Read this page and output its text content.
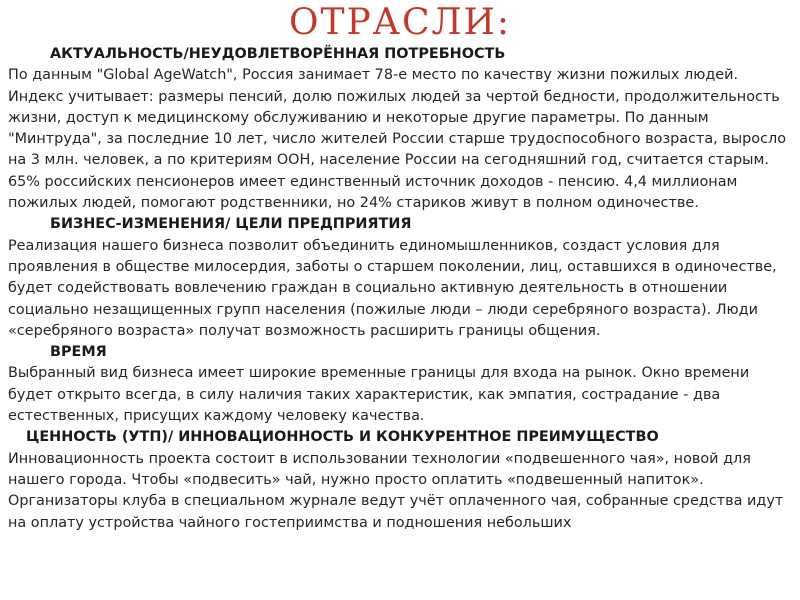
ОТРАСЛИ:
АКТУАЛЬНОСТЬ/НЕУДОВЛЕТВОРЁННАЯ ПОТРЕБНОСТЬ

По данным "Global AgeWatch", Россия занимает 78-е место по качеству жизни пожилых людей. Индекс учитывает: размеры пенсий, долю пожилых людей за чертой бедности, продолжительность жизни, доступ к медицинскому обслуживанию и некоторые другие параметры. По данным "Минтруда", за последние 10 лет, число жителей России старше трудоспособного возраста, выросло на 3 млн. человек, а по критериям ООН, население России на сегодняшний год, считается старым. 65% российских пенсионеров имеет единственный источник доходов - пенсию. 4,4 миллионам пожилых людей, помогают родственники, но 24% стариков живут в полном одиночестве.

БИЗНЕС-ИЗМЕНЕНИЯ/ ЦЕЛИ ПРЕДПРИЯТИЯ

Реализация нашего бизнеса позволит объединить единомышленников, создаст условия для проявления в обществе милосердия, заботы о старшем поколении, лиц, оставшихся в одиночестве, будет содействовать вовлечению граждан в социально активную деятельность в отношении социально незащищенных групп населения (пожилые люди – люди серебряного возраста). Люди «серебряного возраста» получат возможность расширить границы общения.

ВРЕМЯ

Выбранный вид бизнеса имеет широкие временные границы для входа на рынок. Окно времени будет открыто всегда, в силу наличия таких характеристик, как эмпатия, сострадание - два естественных, присущих каждому человеку качества.

ЦЕННОСТЬ (УТП)/ ИННОВАЦИОННОСТЬ И КОНКУРЕНТНОЕ ПРЕИМУЩЕСТВО

Инновационность проекта состоит в использовании технологии «подвешенного чая», новой для нашего города. Чтобы «подвесить» чай, нужно просто оплатить «подвешенный напиток». Организаторы клуба в специальном журнале ведут учёт оплаченного чая, собранные средства идут на оплату устройства чайного гостеприимства и подношения небольших
